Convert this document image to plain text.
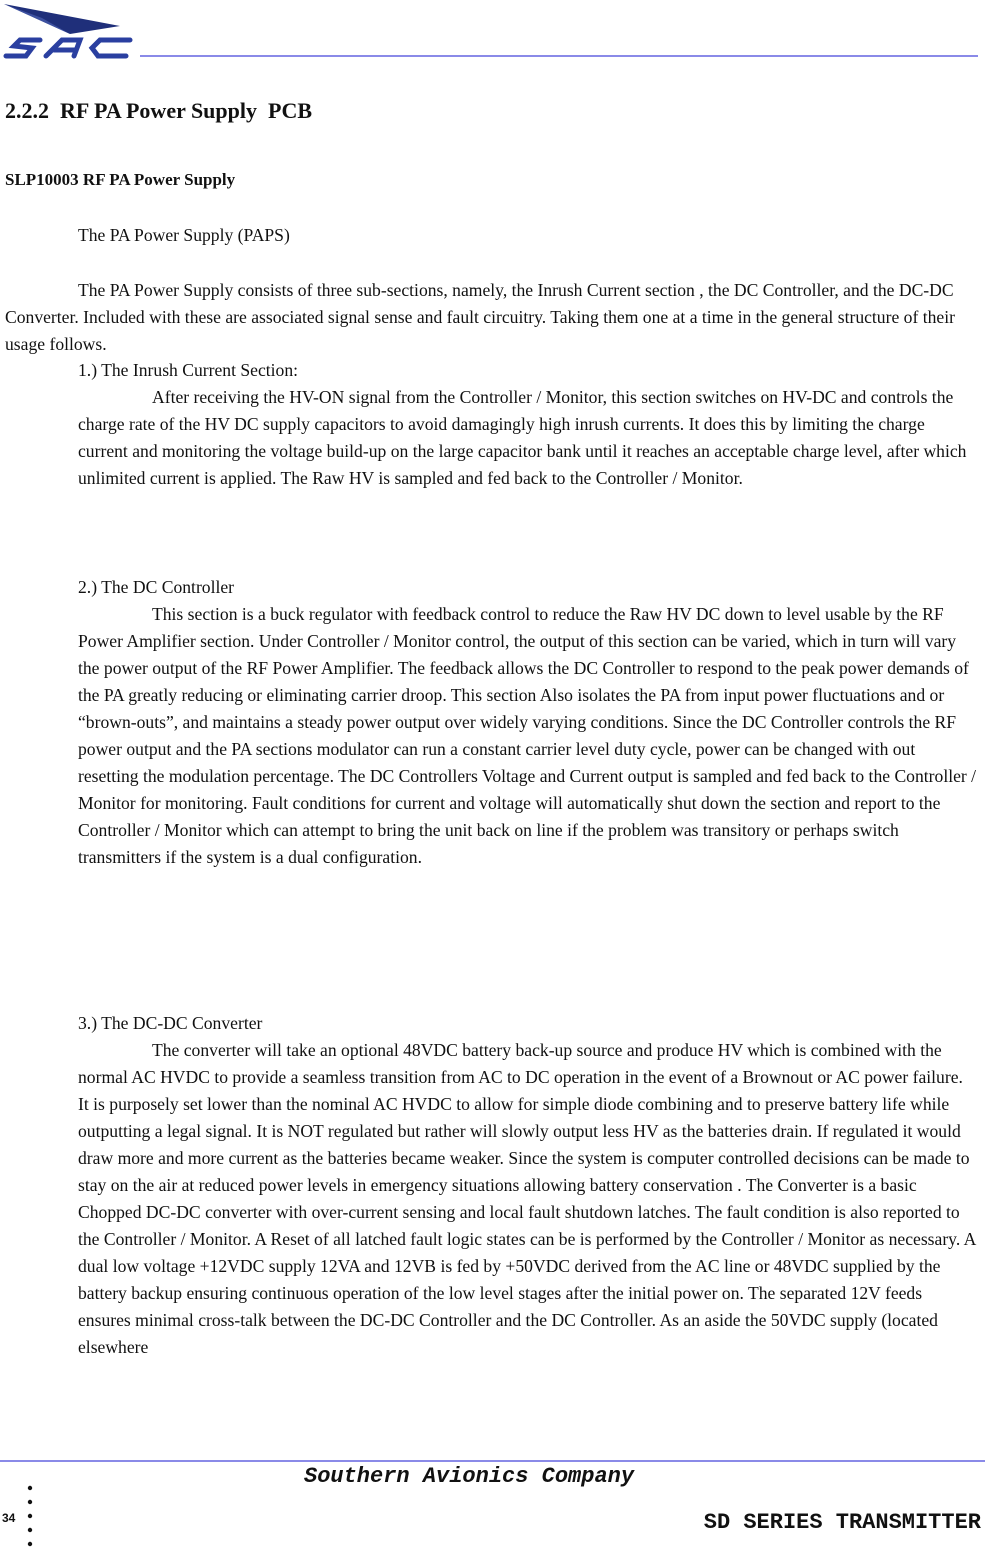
2.2.2  RF PA Power Supply  PCB
SLP10003 RF PA Power Supply

The PA Power Supply (PAPS)

The PA Power Supply consists of three sub-sections, namely, the Inrush Current section , the DC Controller, and the DC-DC Converter. Included with these are associated signal sense and fault circuitry. Taking them one at a time in the general structure of their usage follows.

1.) The Inrush Current Section:

After receiving the HV-ON signal from the Controller / Monitor, this section switches on HV-DC and controls the charge rate of the HV DC supply capacitors to avoid damagingly high inrush currents. It does this by limiting the charge current and monitoring the voltage build-up on the large capacitor bank until it reaches an acceptable charge level, after which unlimited current is applied. The Raw HV is sampled and fed back to the Controller / Monitor.

2.) The DC Controller

This section is a buck regulator with feedback control to reduce the Raw HV DC down to level usable by the RF Power Amplifier section. Under Controller / Monitor control, the output of this section can be varied, which in turn will vary the power output of the RF Power Amplifier. The feedback allows the DC Controller to respond to the peak power demands of the PA greatly reducing or eliminating carrier droop. This section Also isolates the PA from input power fluctuations and or “brown-outs”, and maintains a steady power output over widely varying conditions. Since the DC Controller controls the RF power output and the PA sections modulator can run a constant carrier level duty cycle, power can be changed with out resetting the modulation percentage. The DC Controllers Voltage and Current output is sampled and fed back to the Controller / Monitor for monitoring. Fault conditions for current and voltage will automatically shut down the section and report to the Controller / Monitor which can attempt to bring the unit back on line if the problem was transitory or perhaps switch transmitters if the system is a dual configuration.

3.) The DC-DC Converter

The converter will take an optional 48VDC battery back-up source and produce HV which is combined with the normal AC HVDC to provide a seamless transition from AC to DC operation in the event of a Brownout or AC power failure. It is purposely set lower than the nominal AC HVDC to allow for simple diode combining and to preserve battery life while outputting a legal signal. It is NOT regulated but rather will slowly output less HV as the batteries drain. If regulated it would draw more and more current as the batteries became weaker. Since the system is computer controlled decisions can be made to stay on the air at reduced power levels in emergency situations allowing battery conservation . The Converter is a basic Chopped DC-DC converter with over-current sensing and local fault shutdown latches. The fault condition is also reported to the Controller / Monitor. A Reset of all latched fault logic states can be is performed by the Controller / Monitor as necessary. A dual low voltage +12VDC supply 12VA and 12VB is fed by +50VDC derived from the AC line or 48VDC supplied by the battery backup ensuring continuous operation of the low level stages after the initial power on. The separated 12V feeds ensures minimal cross-talk between the DC-DC Controller and the DC Controller. As an aside the 50VDC supply (located elsewhere

Southern Avionics Company
34	SD SERIES TRANSMITTER
